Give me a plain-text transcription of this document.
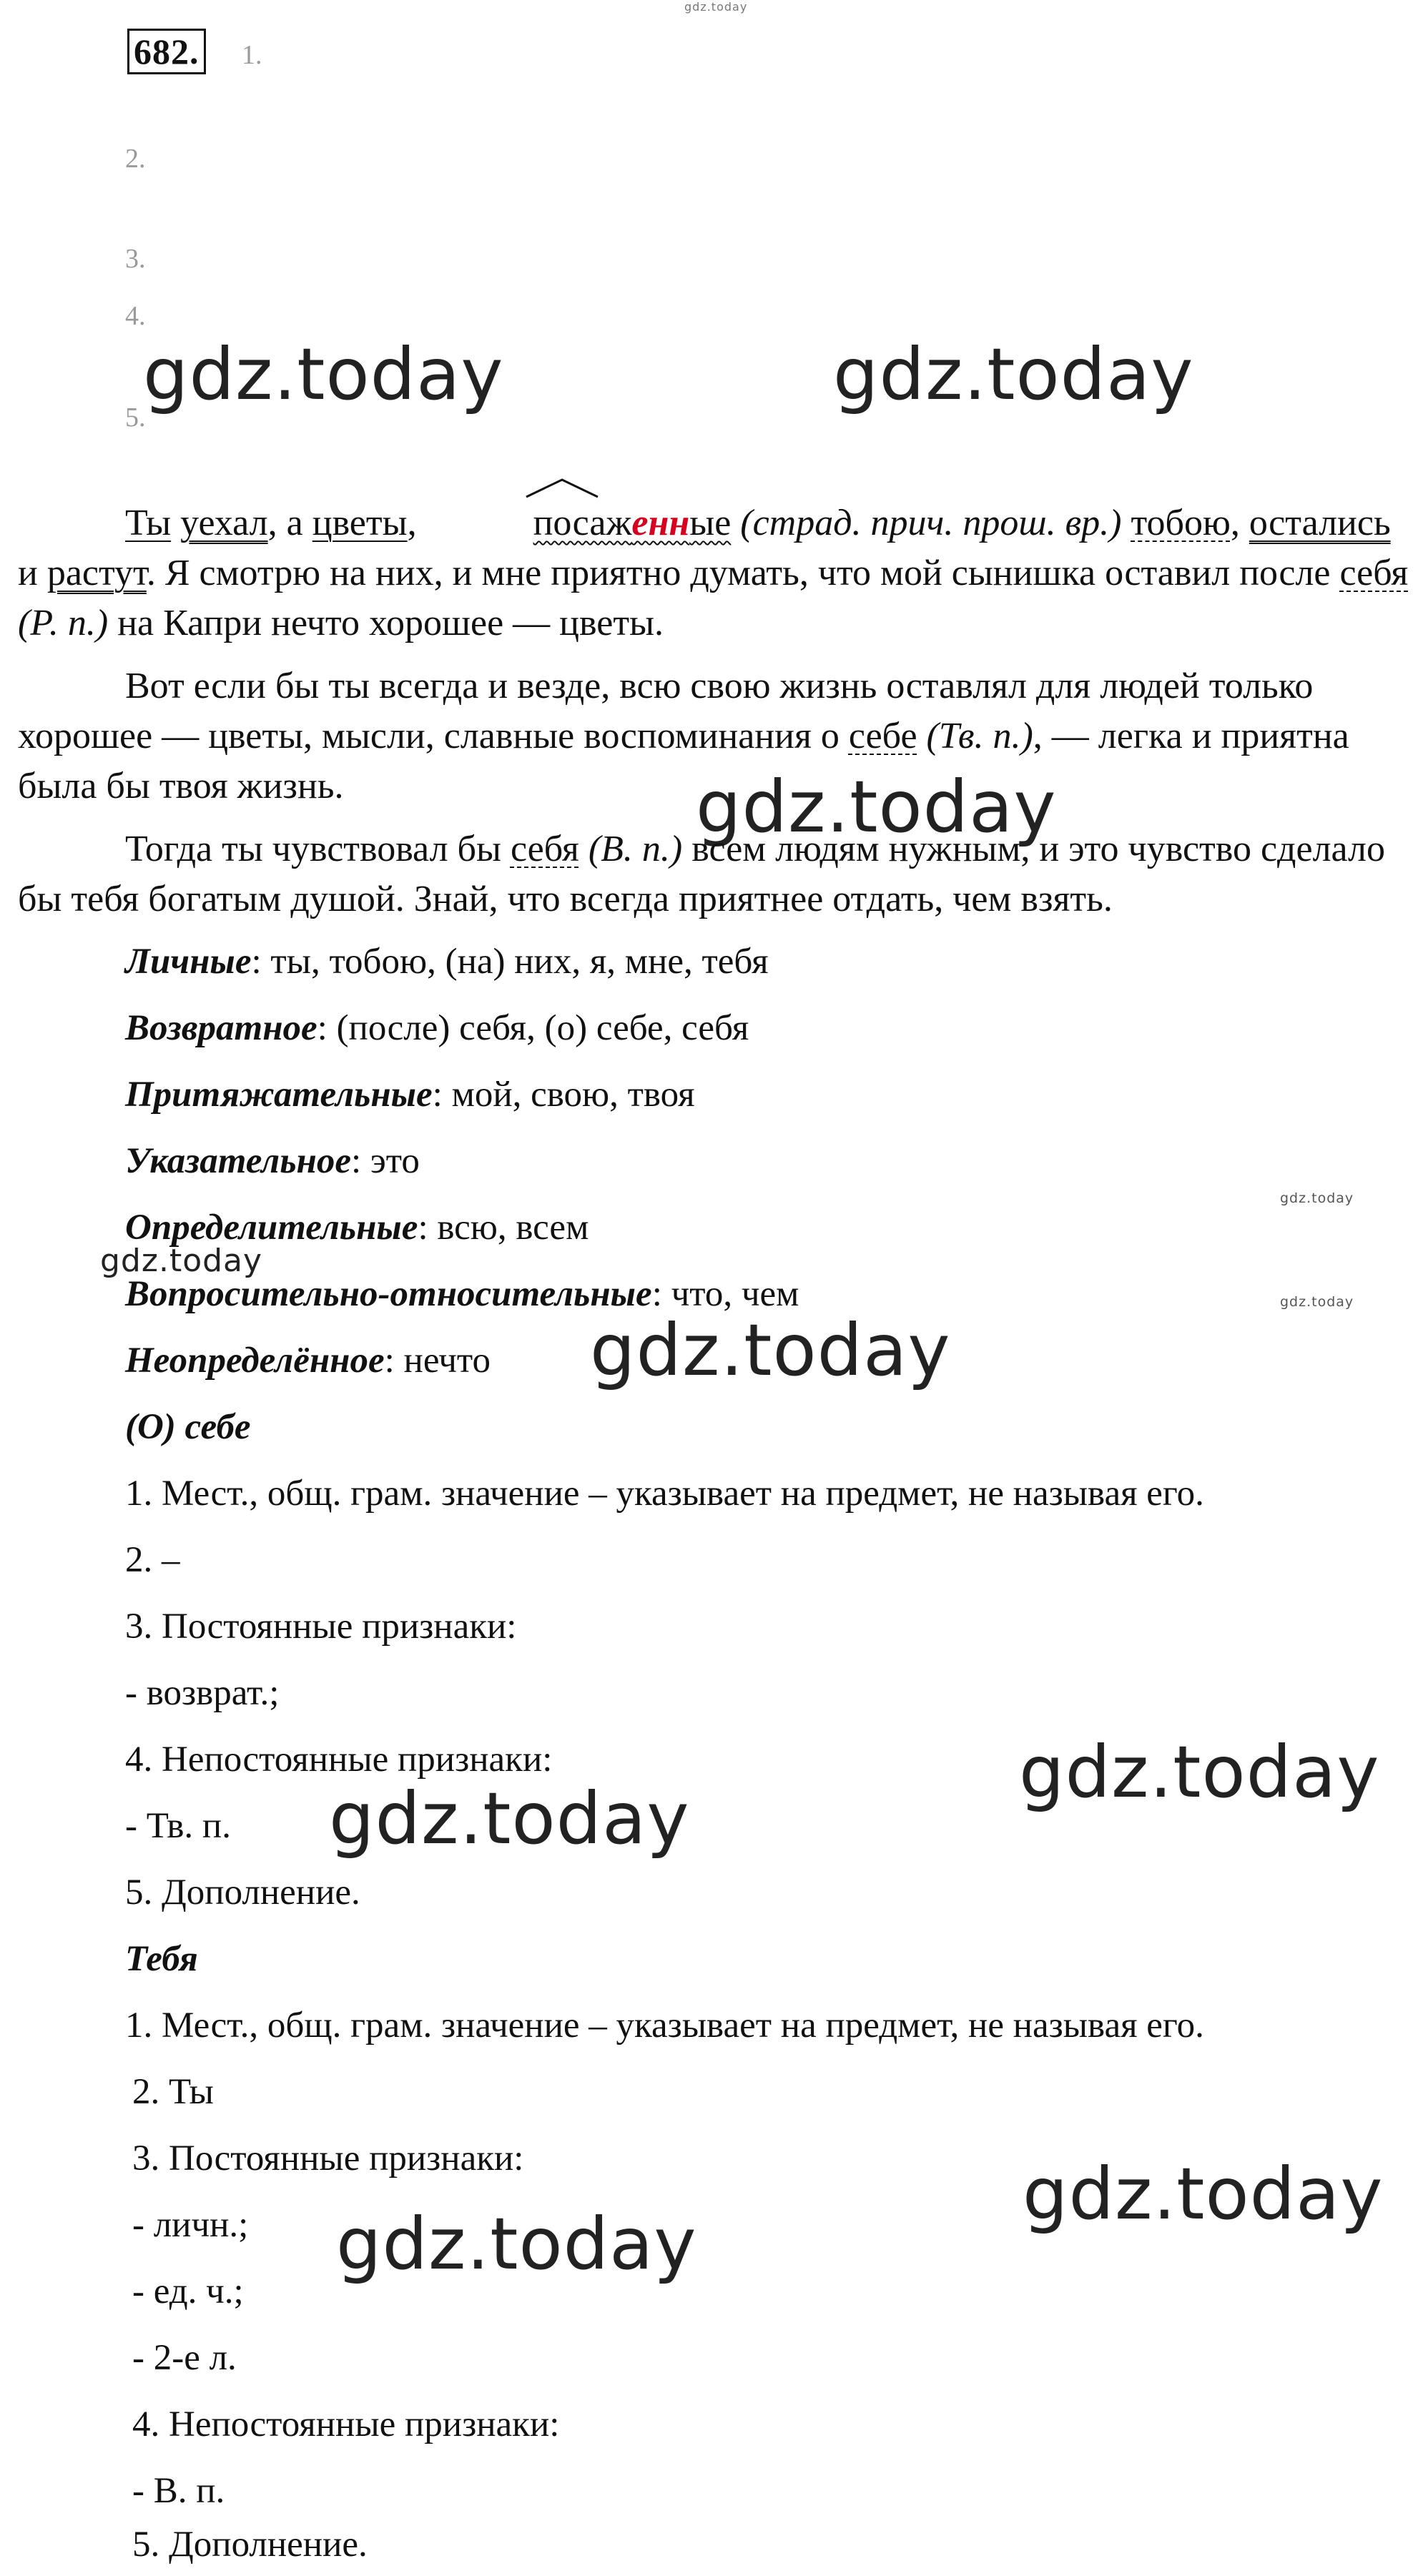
gdz.today
682. 1.
2.
3.
4.
5.
gdz.today	gdz.today
Ты уехал, а цветы,	посаженные
(страд. прич. прош. вр.) тобою, остались и растут. Я смотрю на них, и мне приятно думать, что мой сынишка оставил после себя (Р. п.) на Капри нечто хорошее — цветы.
Вот если бы ты всегда и везде, всю свою жизнь оставлял для людей только хорошее — цветы, мысли, славные воспоминания о себе (Тв. п.), — легка и приятна была бы твоя жизнь.	gdz.today
Тогда ты чувствовал бы себя (В. п.) всем людям нужным, и это чувство сделало бы тебя богатым душой. Знай, что всегда приятнее отдать, чем взять.
Личные: ты, тобою, (на) них, я, мне, тебя
Возвратное: (после) себя, (о) себе, себя
Притяжательные: мой, свою, твоя
Указательное: это
Определительные: всю, всем
Вопросительно-относительные: что, чем
Неопределённое: нечто
gdz.today
gdz.today
gdz.today
gdz.today
(О) себе
1. Мест., общ. грам. значение – указывает на предмет, не называя его.
2. –
3. Постоянные признаки:
- возврат.;
4. Непостоянные признаки:
- Тв. п.
5. Дополнение.
gdz.today
gdz.today
Тебя
1. Мест., общ. грам. значение – указывает на предмет, не называя его.
2. Ты
3. Постоянные признаки:
- личн.;
- ед. ч.;
- 2-е л.
4. Непостоянные признаки:
- В. п.
5. Дополнение.
gdz.today
gdz.today
